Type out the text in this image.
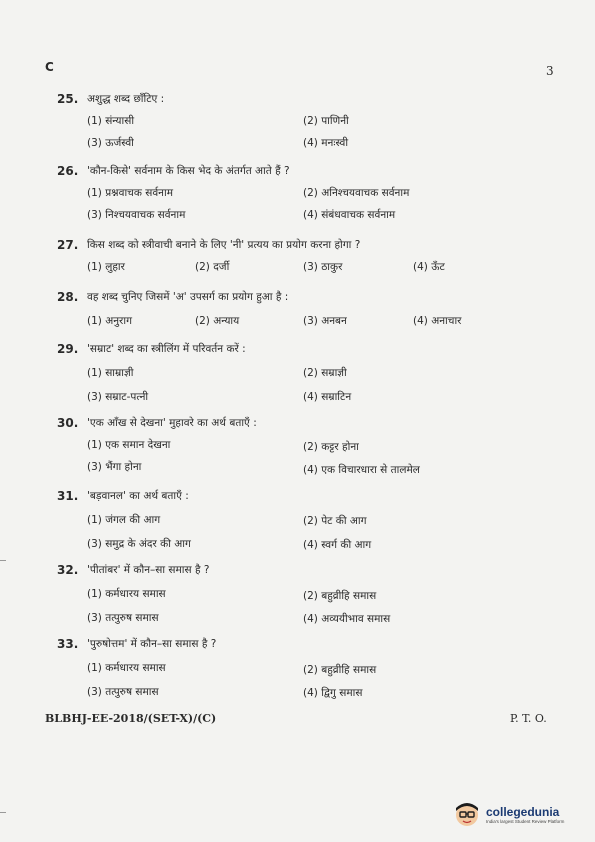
C	3
25. अशुद्ध शब्द छाँटिए :
(1) संन्यासी	(2) पाणिनी
(3) ऊर्जस्वी	(4) मनःस्वी
26. 'कौन-किसे' सर्वनाम के किस भेद के अंतर्गत आते हैं ?
(1) प्रश्नवाचक सर्वनाम	(2) अनिश्चयवाचक सर्वनाम
(3) निश्चयवाचक सर्वनाम	(4) संबंधवाचक सर्वनाम
27. किस शब्द को स्त्रीवाची बनाने के लिए 'नी' प्रत्यय का प्रयोग करना होगा ?
(1) लुहार	(2) दर्जी	(3) ठाकुर	(4) ऊँट
28. वह शब्द चुनिए जिसमें 'अ' उपसर्ग का प्रयोग हुआ है :
(1) अनुराग	(2) अन्याय	(3) अनबन	(4) अनाचार
29. 'सम्राट' शब्द का स्त्रीलिंग में परिवर्तन करें :
(1) साम्राज्ञी	(2) सम्राज्ञी
(3) सम्राट-पत्नी	(4) सम्राटिन
30. 'एक आँख से देखना' मुहावरे का अर्थ बताएँ :
(1) एक समान देखना	(2) कट्टर होना
(3) भैंगा होना	(4) एक विचारधारा से तालमेल
31. 'बड़वानल' का अर्थ बताएँ :
(1) जंगल की आग	(2) पेट की आग
(3) समुद्र के अंदर की आग	(4) स्वर्ग की आग
32. 'पीतांबर' में कौन–सा समास है ?
(1) कर्मधारय समास	(2) बहुव्रीहि समास
(3) तत्पुरुष समास	(4) अव्ययीभाव समास
33. 'पुरुषोत्तम' में कौन–सा समास है ?
(1) कर्मधारय समास	(2) बहुव्रीहि समास
(3) तत्पुरुष समास	(4) द्विगु समास
BLBHJ-EE-2018/(SET-X)/(C)	P. T. O.
collegedunia
India's largest Student Review Platform
